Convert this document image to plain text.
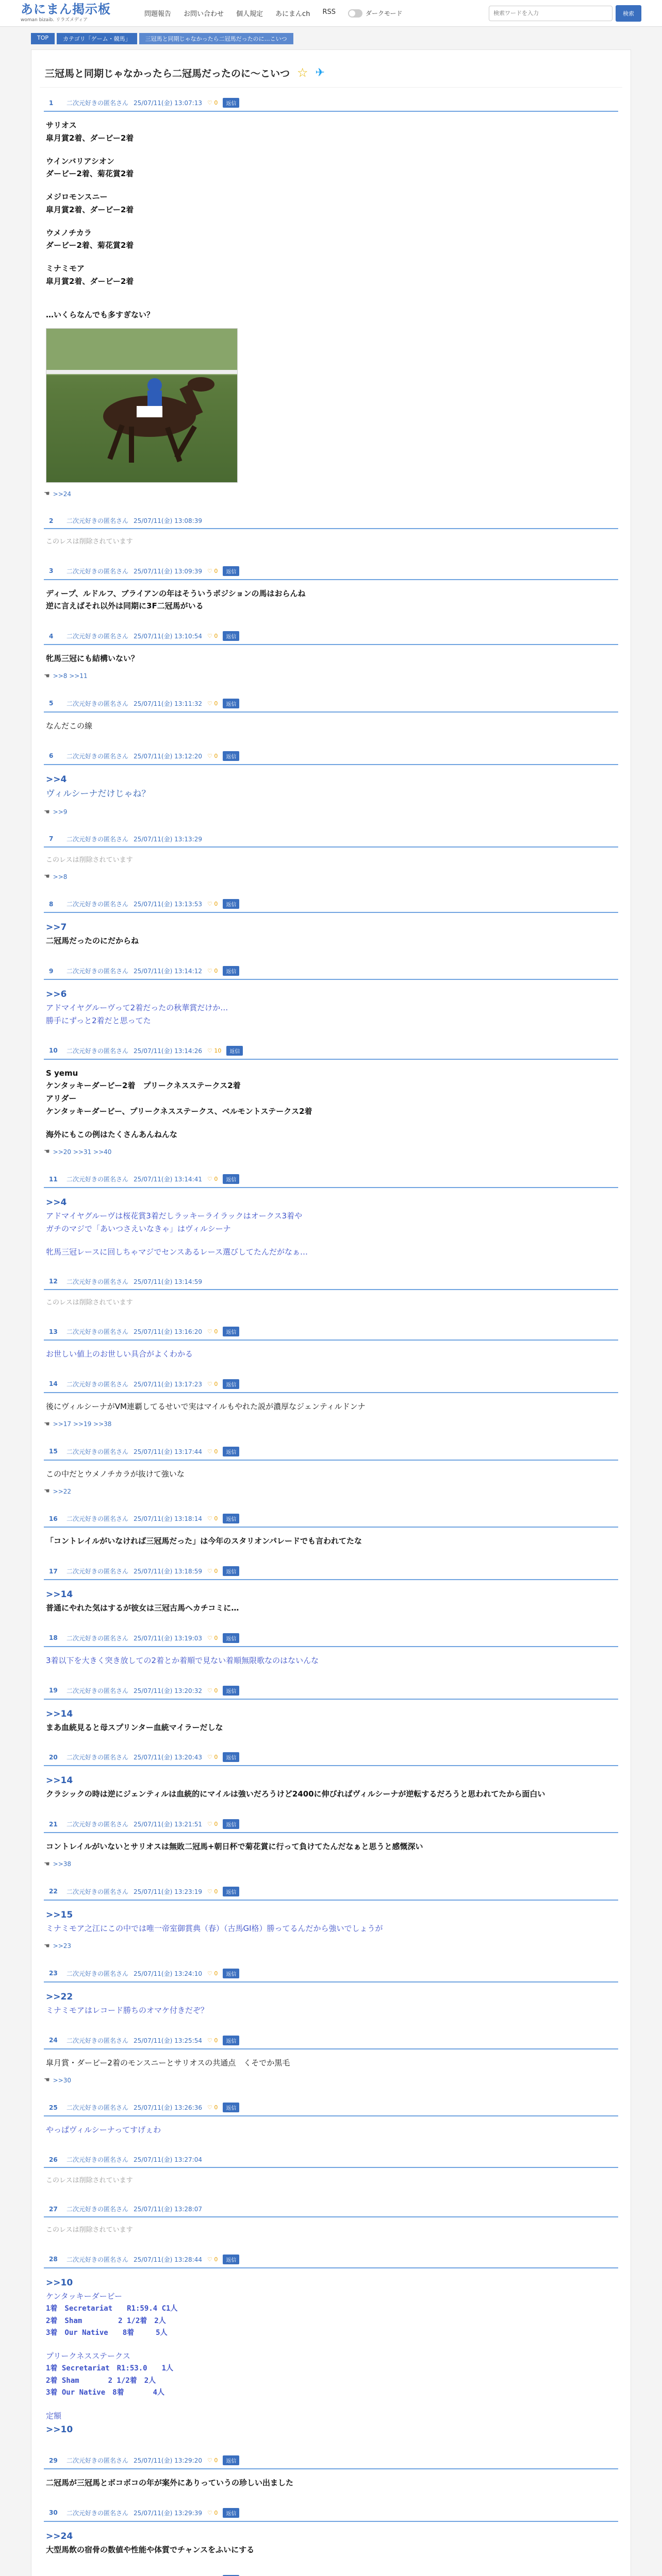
あにまん掲示板
woman bizaib. リラズメディア
問題報告 お問い合わせ 個人規定 あにまんch RSS	ダークモード
検索ワードを入力	検索
TOP	カテゴリ「ゲーム・競馬」	三冠馬と同期じゃなかったら二冠馬だったのに…こいつ
三冠馬と同期じゃなかったら二冠馬だったのに～こいつ ☆ ✈
1	二次元好きの匿名さん 25/07/11(金) 13:07:13 ♡ 0	返信
サリオス
皐月賞2着、ダービー2着
ウインバリアシオン
ダービー2着、菊花賞2着
メジロモンスニー
皐月賞2着、ダービー2着
ウメノチカラ
ダービー2着、菊花賞2着
ミナミモア
皐月賞2着、ダービー2着
…いくらなんでも多すぎない？
☚ >>24
2	二次元好きの匿名さん 25/07/11(金) 13:08:39
このレスは削除されています
3	二次元好きの匿名さん 25/07/11(金) 13:09:39 ♡ 0	返信
ディープ、ルドルフ、ブライアンの年はそういうポジションの馬はおらんね
逆に言えばそれ以外は同期に3F二冠馬がいる
4	二次元好きの匿名さん 25/07/11(金) 13:10:54 ♡ 0	返信
牝馬三冠にも結構いない？
☚ >>8 >>11
5	二次元好きの匿名さん 25/07/11(金) 13:11:32 ♡ 0	返信
なんだこの線
6	二次元好きの匿名さん 25/07/11(金) 13:12:20 ♡ 0	返信
>>4
ヴィルシーナだけじゃね？
☚ >>9
7	二次元好きの匿名さん 25/07/11(金) 13:13:29
このレスは削除されています
☚ >>8
8	二次元好きの匿名さん 25/07/11(金) 13:13:53 ♡ 0	返信
>>7
二冠馬だったのにだからね
9	二次元好きの匿名さん 25/07/11(金) 13:14:12 ♡ 0	返信
>>6
アドマイヤグルーヴって2着だったの秋華賞だけか…
勝手にずっと2着だと思ってた
10	二次元好きの匿名さん 25/07/11(金) 13:14:26 ♡ 10	返信
S yemu
ケンタッキーダービー2着　プリークネスステークス2着
アリダー
ケンタッキーダービー、プリークネスステークス、ベルモントステークス2着
海外にもこの例はたくさんあんねんな
☚ >>20 >>31 >>40
11	二次元好きの匿名さん 25/07/11(金) 13:14:41 ♡ 0	返信
>>4
アドマイヤグルーヴは桜花賞3着だしラッキーライラックはオークス3着や
ガチのマジで「あいつさえいなきゃ」はヴィルシーナ
牝馬三冠レースに回しちゃマジでセンスあるレース選びしてたんだがなぁ…
12	二次元好きの匿名さん 25/07/11(金) 13:14:59
このレスは削除されています
13	二次元好きの匿名さん 25/07/11(金) 13:16:20 ♡ 0	返信
お世しい値上のお世しい具合がよくわかる
14	二次元好きの匿名さん 25/07/11(金) 13:17:23 ♡ 0	返信
後にヴィルシーナがVM連覇してるせいで実はマイルもやれた説が濃厚なジェンティルドンナ
☚ >>17 >>19 >>38
15	二次元好きの匿名さん 25/07/11(金) 13:17:44 ♡ 0	返信
この中だとウメノチカラが抜けて強いな
☚ >>22
16	二次元好きの匿名さん 25/07/11(金) 13:18:14 ♡ 0	返信
「コントレイルがいなければ三冠馬だった」は今年のスタリオンパレードでも言われてたな
17	二次元好きの匿名さん 25/07/11(金) 13:18:59 ♡ 0	返信
>>14
普通にやれた気はするが彼女は三冠古馬へカチコミに…
18	二次元好きの匿名さん 25/07/11(金) 13:19:03 ♡ 0	返信
3着以下を大きく突き放しての2着とか着順で見ない着順無限歌なのはないんな
19	二次元好きの匿名さん 25/07/11(金) 13:20:32 ♡ 0	返信
>>14
まあ血統見ると母スプリンター血統マイラーだしな
20	二次元好きの匿名さん 25/07/11(金) 13:20:43 ♡ 0	返信
>>14
クラシックの時は逆にジェンティルは血統的にマイルは強いだろうけど2400に伸びればヴィルシーナが逆転するだろうと思われてたから面白い
21	二次元好きの匿名さん 25/07/11(金) 13:21:51 ♡ 0	返信
コントレイルがいないとサリオスは無敗二冠馬+朝日杯で菊花賞に行って負けてたんだなぁと思うと感慨深い
☚ >>38
22	二次元好きの匿名さん 25/07/11(金) 13:23:19 ♡ 0	返信
>>15
ミナミモア之江にこの中では唯一帝室御賞典（春）（古馬GI格）勝ってるんだから強いでしょうが
☚ >>23
23	二次元好きの匿名さん 25/07/11(金) 13:24:10 ♡ 0	返信
>>22
ミナミモアはレコード勝ちのオマケ付きだぞ？
24	二次元好きの匿名さん 25/07/11(金) 13:25:54 ♡ 0	返信
皐月賞・ダービー2着のモンスニーとサリオスの共通点　くそでか黒毛
☚ >>30
25	二次元好きの匿名さん 25/07/11(金) 13:26:36 ♡ 0	返信
やっぱヴィルシーナってすげぇわ
26	二次元好きの匿名さん 25/07/11(金) 13:27:04
このレスは削除されています
27	二次元好きの匿名さん 25/07/11(金) 13:28:07
このレスは削除されています
28	二次元好きの匿名さん 25/07/11(金) 13:28:44 ♡ 0	返信
>>10
ケンタッキーダービー
1着　Secretariat　　R1:59.4 C1人
2着　Sham　　　　　2 1/2着　2人
3着　Our Native　　8着　　　5人
プリークネスステークス
1着 Secretariat　R1:53.0　　1人
2着 Sham　　　　2 1/2着　2人
3着 Our Native　8着　　　　4人
定額
>>10
29	二次元好きの匿名さん 25/07/11(金) 13:29:20 ♡ 0	返信
二冠馬が三冠馬とボコボコの年が案外にありっていうの珍しい出ました
30	二次元好きの匿名さん 25/07/11(金) 13:29:39 ♡ 0	返信
>>24
大型馬飲の宿骨の数値や性能や体質でチャンスをふいにする
